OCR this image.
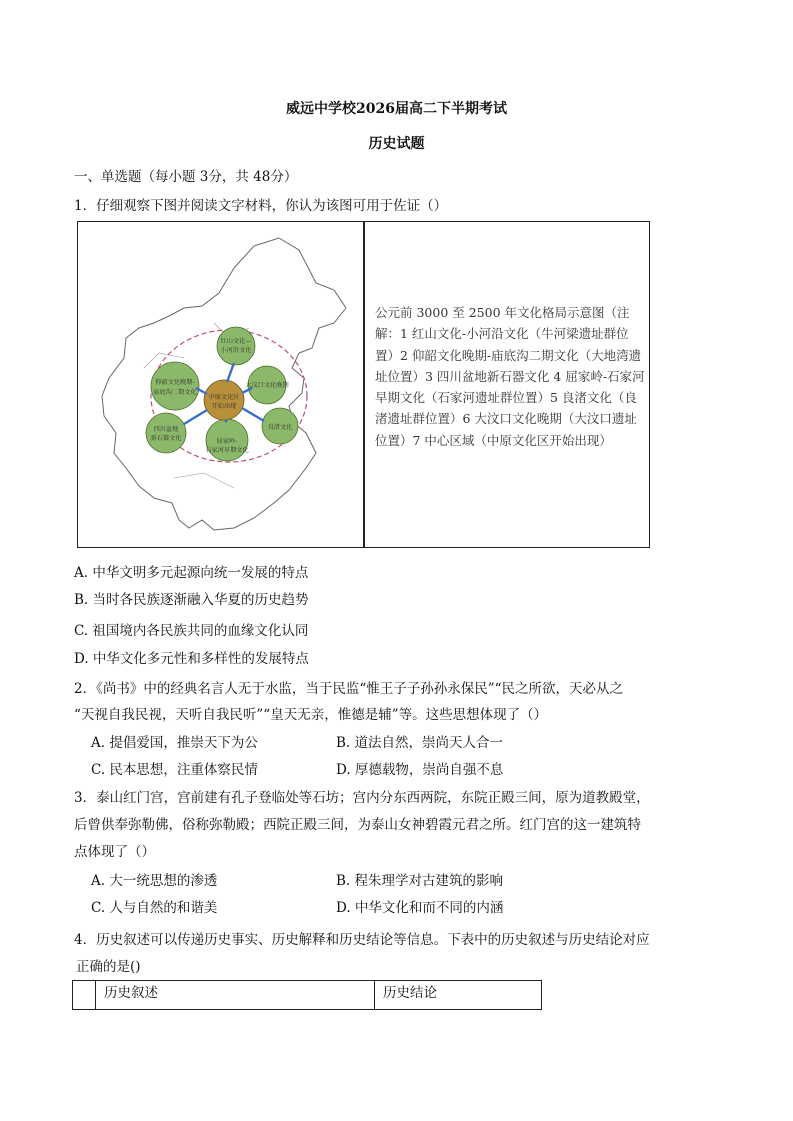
威远中学校2026届高二下半期考试
历史试题
一、单选题（每小题 3分，共 48分）
1．仔细观察下图并阅读文字材料，你认为该图可用于佐证（）
红山文化—
小河沿文化
仰韶文化晚期-
庙底沟二期文化
四川盆地
新石器文化	屈家岭-
石家河早期文化
良渚文化
大汶口文化晚期
中原文化区
开始出现
公元前 3000 至 2500 年文化格局示意图（注解：1 红山文化-小河沿文化（牛河梁遗址群位置）2 仰韶文化晚期-庙底沟二期文化（大地湾遗址位置）3 四川盆地新石器文化 4 屈家岭-石家河早期文化（石家河遗址群位置）5 良渚文化（良渚遗址群位置）6 大汶口文化晚期（大汶口遗址位置）7 中心区域（中原文化区开始出现）
A. 中华文明多元起源向统一发展的特点
B. 当时各民族逐渐融入华夏的历史趋势
C. 祖国境内各民族共同的血缘文化认同
D. 中华文化多元性和多样性的发展特点
2．《尚书》中的经典名言人无于水监，当于民监“惟王子子孙孙永保民”“民之所欲，天必从之
“天视自我民视，天听自我民听”“皇天无亲，惟德是辅”等。这些思想体现了（）
A. 提倡爱国，推崇天下为公	B. 道法自然，崇尚天人合一
C. 民本思想，注重体察民情	D. 厚德载物，崇尚自强不息
3．泰山红门宫，宫前建有孔子登临处等石坊；宫内分东西两院，东院正殿三间，原为道教殿堂，
后曾供奉弥勒佛，俗称弥勒殿；西院正殿三间，为泰山女神碧霞元君之所。红门宫的这一建筑特
点体现了（）
A. 大一统思想的渗透	B. 程朱理学对古建筑的影响
C. 人与自然的和谐美	D. 中华文化和而不同的内涵
4．历史叙述可以传递历史事实、历史解释和历史结论等信息。下表中的历史叙述与历史结论对应
正确的是()
	历史叙述	历史结论
